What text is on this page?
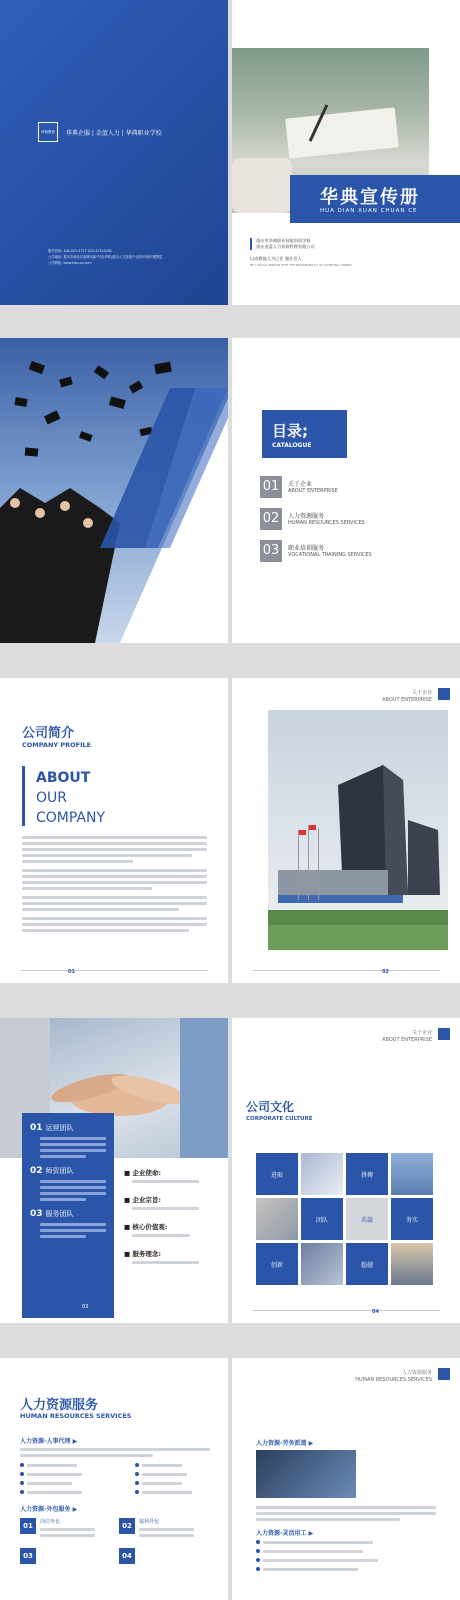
华典教育	华典企服 | 金蓝人力 | 华典职业学校
服务热线: 400-023-3727 023-47325281
公司地址: 重庆市渝北区新牌坊新牛村(华联)重庆人力资源产业园3号楼7楼整层
公司网址: www.hdq-cq.com
华典宣传册
HUA DIAN XUAN CHUAN CE
重庆市华典职业技能培训学校
重庆金蓝人力资源管理有限公司
以成教他人为已任 做社会人
BE A SOCIAL PERSON WITH THE RESPONSIBILITY OF ACHIEVING OTHERS
目录;
CATALOGUE
01	关于企业
ABOUT ENTERPRISE
02	人力资源服务
HUMAN RESOURCES SERVICES
03	职业培训服务
VOCATIONAL TRAINING SERVICES
公司简介
COMPANY PROFILE
ABOUT
OUR
COMPANY
01
关于企业
ABOUT ENTERPRISE
02
01 运营团队
02 师资团队
03 服务团队
03
■ 企业使命:
■ 企业宗旨:
■ 核心价值观:
■ 服务理念:
关于企业
ABOUT ENTERPRISE
公司文化
CORPORATE CULTURE
进取	拼搏
团队	共赢	务实
创新	超越
04
人力资源服务
HUMAN RESOURCES SERVICES
人力资源-人事代理 ▶
人力资源-外包服务 ▶
01	岗位外包	02	福利外包
03	04
人力资源服务
HUMAN RESOURCES SERVICES
人力资源-劳务派遣 ▶
人力资源-灵活用工 ▶
